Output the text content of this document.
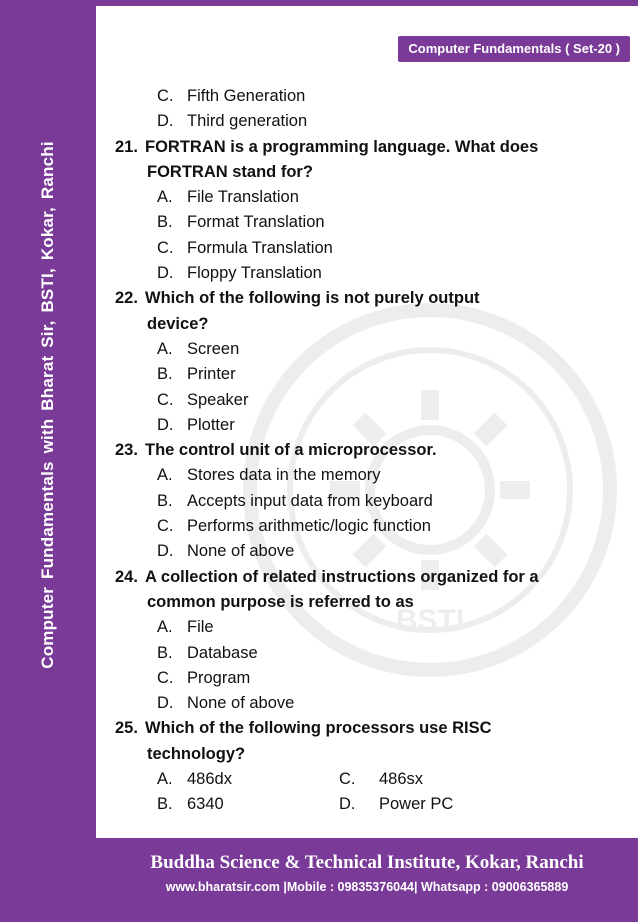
Computer Fundamentals with Bharat Sir, BSTI, Kokar, Ranchi
Computer Fundamentals ( Set-20 )
BSTI
C. Fifth Generation
D. Third generation
21. FORTRAN is a programming language. What does
FORTRAN stand for?
A. File Translation
B. Format Translation
C. Formula Translation
D. Floppy Translation
22. Which of the following is not purely output
device?
A. Screen
B. Printer
C. Speaker
D. Plotter
23. The control unit of a microprocessor.
A. Stores data in the memory
B. Accepts input data from keyboard
C. Performs arithmetic/logic function
D. None of above
24. A collection of related instructions organized for a
common purpose is referred to as
A. File
B. Database
C. Program
D. None of above
25. Which of the following processors use RISC
technology?
A. 486dx	C. 486sx
B. 6340	D. Power PC
Buddha Science & Technical Institute, Kokar, Ranchi
www.bharatsir.com |Mobile : 09835376044| Whatsapp : 09006365889
